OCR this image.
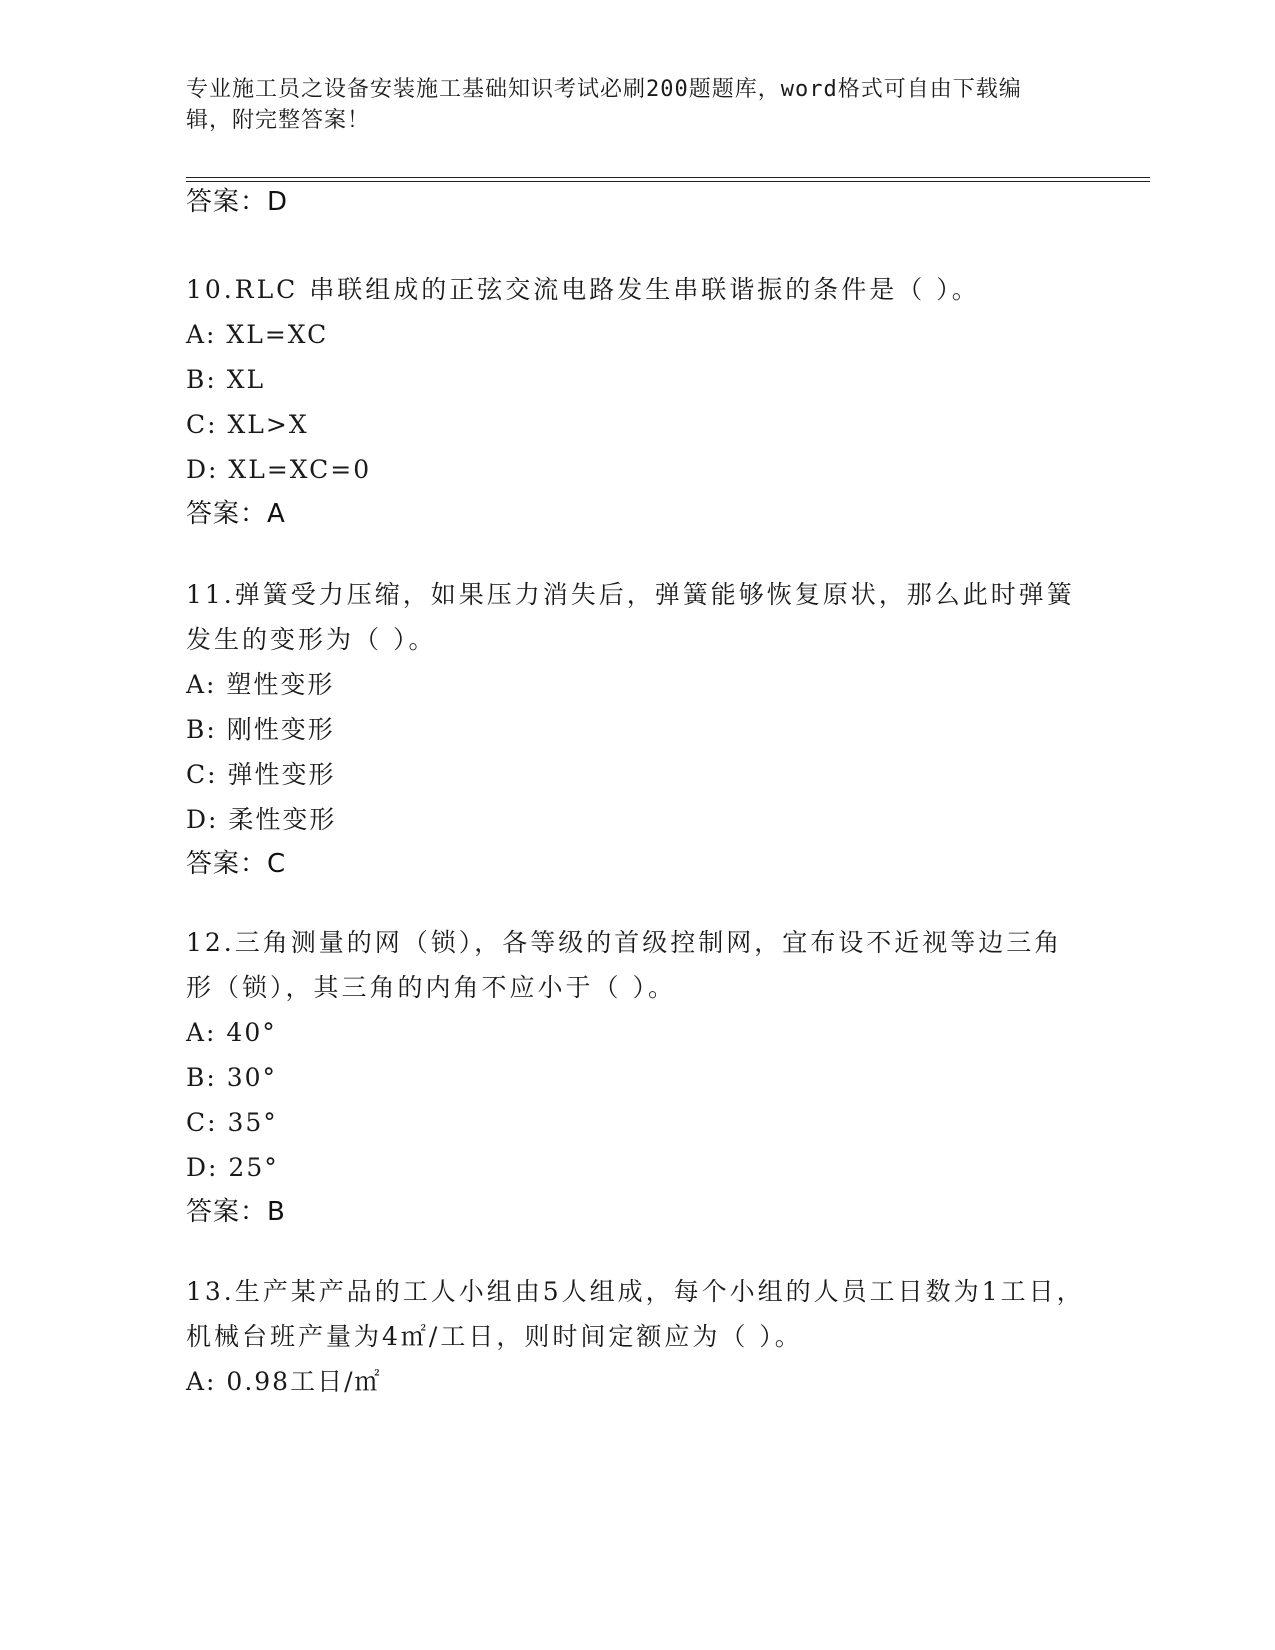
专业施工员之设备安装施工基础知识考试必刷200题题库，word格式可自由下载编辑，附完整答案！

答案：D

10.RLC 串联组成的正弦交流电路发生串联谐振的条件是（ ）。

A: XL=XC

B: XL

C: XL>X

D: XL=XC=0

答案：A

11.弹簧受力压缩，如果压力消失后，弹簧能够恢复原状，那么此时弹簧发生的变形为（ ）。

A: 塑性变形

B: 刚性变形

C: 弹性变形

D: 柔性变形

答案：C

12.三角测量的网（锁），各等级的首级控制网，宜布设不近视等边三角形（锁），其三角的内角不应小于（ ）。

A: 40°

B: 30°

C: 35°

D: 25°

答案：B

13.生产某产品的工人小组由5人组成，每个小组的人员工日数为1工日，机械台班产量为4㎡/工日，则时间定额应为（ ）。

A: 0.98工日/㎡
